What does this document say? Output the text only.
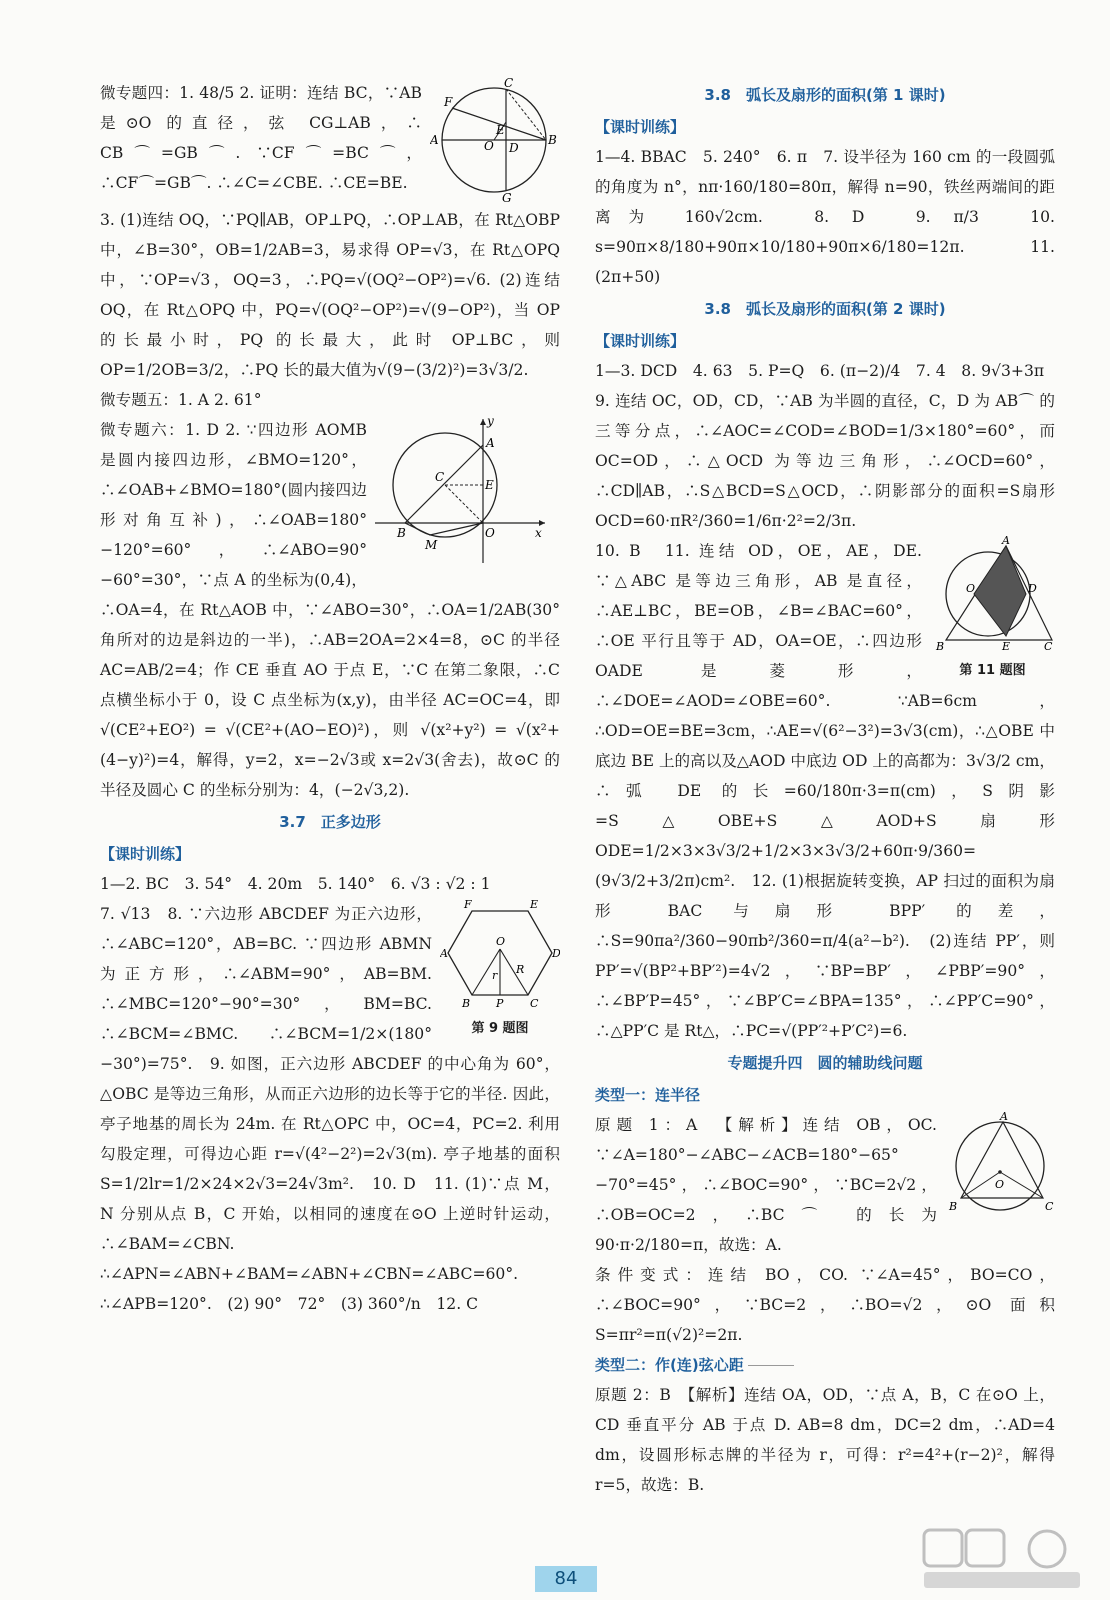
F
C
A	O
E
D
B
G

微专题四：1. 48/5 2. 证明：连结 BC，∵AB 是⊙O 的直径，弦 CG⊥AB，∴ CB⌒=GB⌒. ∵CF⌒=BC⌒，∴CF⌒=GB⌒. ∴∠C=∠CBE. ∴CE=BE.

3. (1)连结 OQ，∵PQ∥AB，OP⊥PQ，∴OP⊥AB，在 Rt△OBP 中，∠B=30°，OB=1/2AB=3，易求得 OP=√3，在 Rt△OPQ 中，∵OP=√3，OQ=3，∴PQ=√(OQ²−OP²)=√6. (2)连结 OQ，在 Rt△OPQ 中，PQ=√(OQ²−OP²)=√(9−OP²)，当 OP 的长最小时，PQ 的长最大，此时 OP⊥BC，则 OP=1/2OB=3/2，∴PQ 长的最大值为√(9−(3/2)²)=3√3/2.

微专题五：1. A 2. 61°

y
A
C
E
B	O	x
M

微专题六：1. D 2. ∵四边形 AOMB 是圆内接四边形，∠BMO=120°，∴∠OAB+∠BMO=180°(圆内接四边形对角互补)，∴∠OAB=180°−120°=60°，∴∠ABO=90°−60°=30°，∵点 A 的坐标为(0,4)，∴OA=4，在 Rt△AOB 中，∵∠ABO=30°，∴OA=1/2AB(30°角所对的边是斜边的一半)，∴AB=2OA=2×4=8，⊙C 的半径 AC=AB/2=4；作 CE 垂直 AO 于点 E，∵C 在第二象限，∴C 点横坐标小于 0，设 C 点坐标为(x,y)，由半径 AC=OC=4，即 √(CE²+EO²) = √(CE²+(AO−EO)²)，则 √(x²+y²) = √(x²+(4−y)²)=4，解得，y=2，x=−2√3或 x=2√3(舍去)，故⊙C 的半径及圆心 C 的坐标分别为：4，(−2√3,2).

3.7　正多边形
【课时训练】

1—2. BC　3. 54°　4. 20m　5. 140°　6. √3 : √2 : 1

F	E
A	D
O
R
r
B P C
第 9 题图

7. √13　8. ∵六边形 ABCDEF 为正六边形，∴∠ABC=120°，AB=BC. ∵四边形 ABMN 为正方形，∴∠ABM=90°，AB=BM. ∴∠MBC=120°−90°=30°，BM=BC. ∴∠BCM=∠BMC. ∴∠BCM=1/2×(180°−30°)=75°.　9. 如图，正六边形 ABCDEF 的中心角为 60°，△OBC 是等边三角形，从而正六边形的边长等于它的半径. 因此，亭子地基的周长为 24m. 在 Rt△OPC 中，OC=4，PC=2. 利用勾股定理，可得边心距 r=√(4²−2²)=2√3(m). 亭子地基的面积 S=1/2lr=1/2×24×2√3=24√3m².　10. D　11. (1)∵点 M，N 分别从点 B，C 开始，以相同的速度在⊙O 上逆时针运动，∴∠BAM=∠CBN. ∴∠APN=∠ABN+∠BAM=∠ABN+∠CBN=∠ABC=60°. ∴∠APB=120°.　(2) 90°　72°　(3) 360°/n　12. C

3.8　弧长及扇形的面积(第 1 课时)
【课时训练】

1—4. BBAC　5. 240°　6. π　7. 设半径为 160 cm 的一段圆弧的角度为 n°，nπ·160/180=80π，解得 n=90，铁丝两端间的距离为 160√2cm.　8. D　9. π/3　10. s=90π×8/180+90π×10/180+90π×6/180=12π.　11. (2π+50)

3.8　弧长及扇形的面积(第 2 课时)
【课时训练】

1—3. DCD　4. 63　5. P=Q　6. (π−2)/4　7. 4　8. 9√3+3π

9. 连结 OC，OD，CD，∵AB 为半圆的直径，C，D 为 AB⌒ 的三等分点，∴∠AOC=∠COD=∠BOD=1/3×180°=60°，而 OC=OD，∴△OCD 为等边三角形，∴∠OCD=60°，∴CD∥AB，∴S△BCD=S△OCD，∴阴影部分的面积=S扇形OCD=60·πR²/360=1/6π·2²=2/3π.

A
O	D
B	E	C
第 11 题图

10. B　11. 连结 OD，OE，AE，DE. ∵△ABC 是等边三角形，AB 是直径，∴AE⊥BC，BE=OB，∠B=∠BAC=60°，∴OE 平行且等于 AD，OA=OE，∴四边形 OADE 是菱形，∴∠DOE=∠AOD=∠OBE=60°. ∵AB=6cm，∴OD=OE=BE=3cm，∴AE=√(6²−3²)=3√3(cm)，∴△OBE 中底边 BE 上的高以及△AOD 中底边 OD 上的高都为：3√3/2 cm，∴弧 DE 的长=60/180π·3=π(cm)，S阴影=S△OBE+S△AOD+S扇形ODE=1/2×3×3√3/2+1/2×3×3√3/2+60π·9/360=(9√3/2+3/2π)cm².　12. (1)根据旋转变换，AP 扫过的面积为扇形 BAC 与扇形 BPP′ 的差，∴S=90πa²/360−90πb²/360=π/4(a²−b²).　(2)连结 PP′，则 PP′=√(BP²+BP′²)=4√2，∵BP=BP′，∠PBP′=90°，∴∠BP′P=45°，∵∠BP′C=∠BPA=135°，∴∠PP′C=90°，∴△PP′C 是 Rt△，∴PC=√(PP′²+P′C²)=6.

专题提升四　圆的辅助线问题
类型一：连半径
A
O
B	C

原题 1：A　【解析】连结 OB，OC. ∵∠A=180°−∠ABC−∠ACB=180°−65°−70°=45°，∴∠BOC=90°，∵BC=2√2，∴OB=OC=2，∴BC⌒ 的长为 90·π·2/180=π，故选：A.

条件变式：连结 BO，CO. ∵∠A=45°，BO=CO，∴∠BOC=90°，∵BC=2，∴BO=√2，⊙O 面积 S=πr²=π(√2)²=2π.

类型二：作(连)弦心距

原题 2：B　【解析】连结 OA，OD，∵点 A，B，C 在⊙O 上，CD 垂直平分 AB 于点 D. AB=8 dm，DC=2 dm，∴AD=4 dm，设圆形标志牌的半径为 r，可得：r²=4²+(r−2)²，解得 r=5，故选：B.

84
